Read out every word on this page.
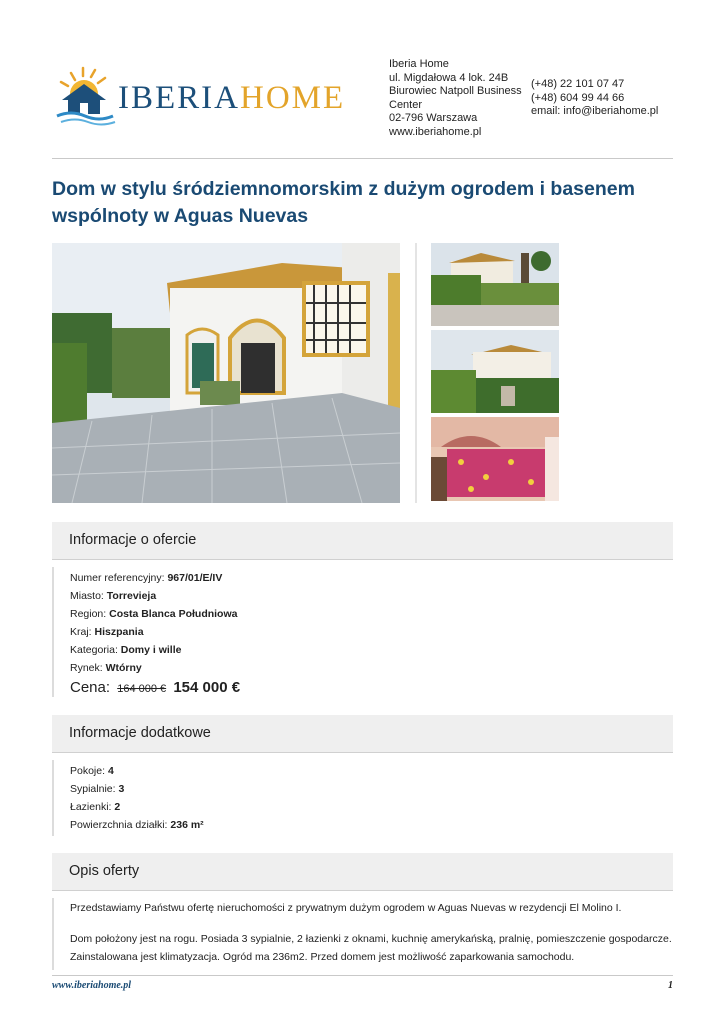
IBERIAHOME
Iberia Home
ul. Migdałowa 4 lok. 24B
Biurowiec Natpoll Business Center
02-796 Warszawa
www.iberiahome.pl
(+48) 22 101 07 47
(+48) 604 99 44 66
email: info@iberiahome.pl
Dom w stylu śródziemnomorskim z dużym ogrodem i basenem wspólnoty w Aguas Nuevas
Informacje o ofercie
Numer referencyjny: 967/01/E/IV
Miasto: Torrevieja
Region: Costa Blanca Południowa
Kraj: Hiszpania
Kategoria: Domy i wille
Rynek: Wtórny
Cena: 164 000 € 154 000 €
Informacje dodatkowe
Pokoje: 4
Sypialnie: 3
Łazienki: 2
Powierzchnia działki: 236 m²
Opis oferty
Przedstawiamy Państwu ofertę nieruchomości z prywatnym dużym ogrodem w Aguas Nuevas w rezydencji El Molino I.
Dom położony jest na rogu. Posiada 3 sypialnie, 2 łazienki z oknami, kuchnię amerykańską, pralnię, pomieszczenie gospodarcze. Zainstalowana jest klimatyzacja. Ogród ma 236m2. Przed domem jest możliwość zaparkowania samochodu.
www.iberiahome.pl	1
